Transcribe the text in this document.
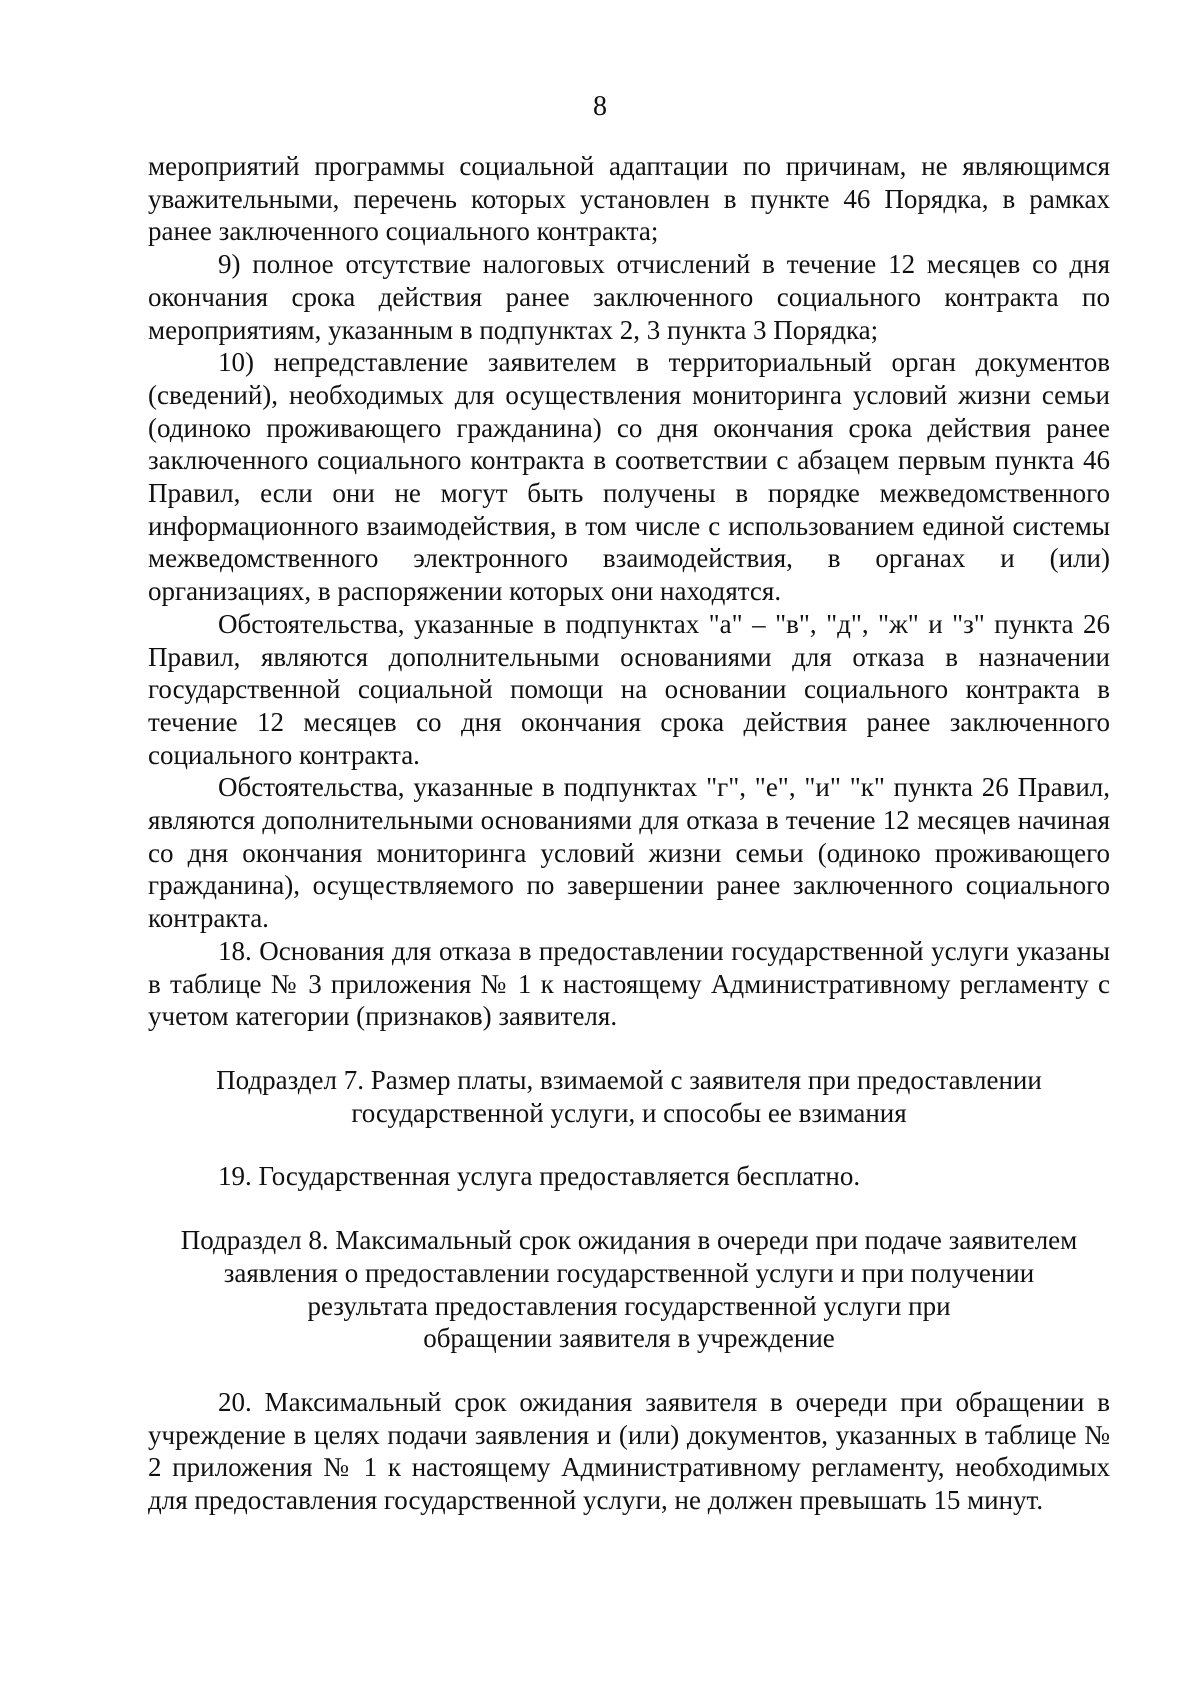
8

мероприятий программы социальной адаптации по причинам, не являющимся уважительными, перечень которых установлен в пункте 46 Порядка, в рамках ранее заключенного социального контракта;

9) полное отсутствие налоговых отчислений в течение 12 месяцев со дня окончания срока действия ранее заключенного социального контракта по мероприятиям, указанным в подпунктах 2, 3 пункта 3 Порядка;

10) непредставление заявителем в территориальный орган документов (сведений), необходимых для осуществления мониторинга условий жизни семьи (одиноко проживающего гражданина) со дня окончания срока действия ранее заключенного социального контракта в соответствии с абзацем первым пункта 46 Правил, если они не могут быть получены в порядке межведомственного информационного взаимодействия, в том числе с использованием единой системы межведомственного электронного взаимодействия, в органах и (или) организациях, в распоряжении которых они находятся.

Обстоятельства, указанные в подпунктах "а" – "в", "д", "ж" и "з" пункта 26 Правил, являются дополнительными основаниями для отказа в назначении государственной социальной помощи на основании социального контракта в течение 12 месяцев со дня окончания срока действия ранее заключенного социального контракта.

Обстоятельства, указанные в подпунктах "г", "е", "и" "к" пункта 26 Правил, являются дополнительными основаниями для отказа в течение 12 месяцев начиная со дня окончания мониторинга условий жизни семьи (одиноко проживающего гражданина), осуществляемого по завершении ранее заключенного социального контракта.

18. Основания для отказа в предоставлении государственной услуги указаны в таблице № 3 приложения № 1 к настоящему Административному регламенту с учетом категории (признаков) заявителя.

Подраздел 7. Размер платы, взимаемой с заявителя при предоставлении

государственной услуги, и способы ее взимания

19. Государственная услуга предоставляется бесплатно.

Подраздел 8. Максимальный срок ожидания в очереди при подаче заявителем

заявления о предоставлении государственной услуги и при получении

результата предоставления государственной услуги при

обращении заявителя в учреждение

20. Максимальный срок ожидания заявителя в очереди при обращении в учреждение в целях подачи заявления и (или) документов, указанных в таблице № 2 приложения № 1 к настоящему Административному регламенту, необходимых для предоставления государственной услуги, не должен превышать 15 минут.
